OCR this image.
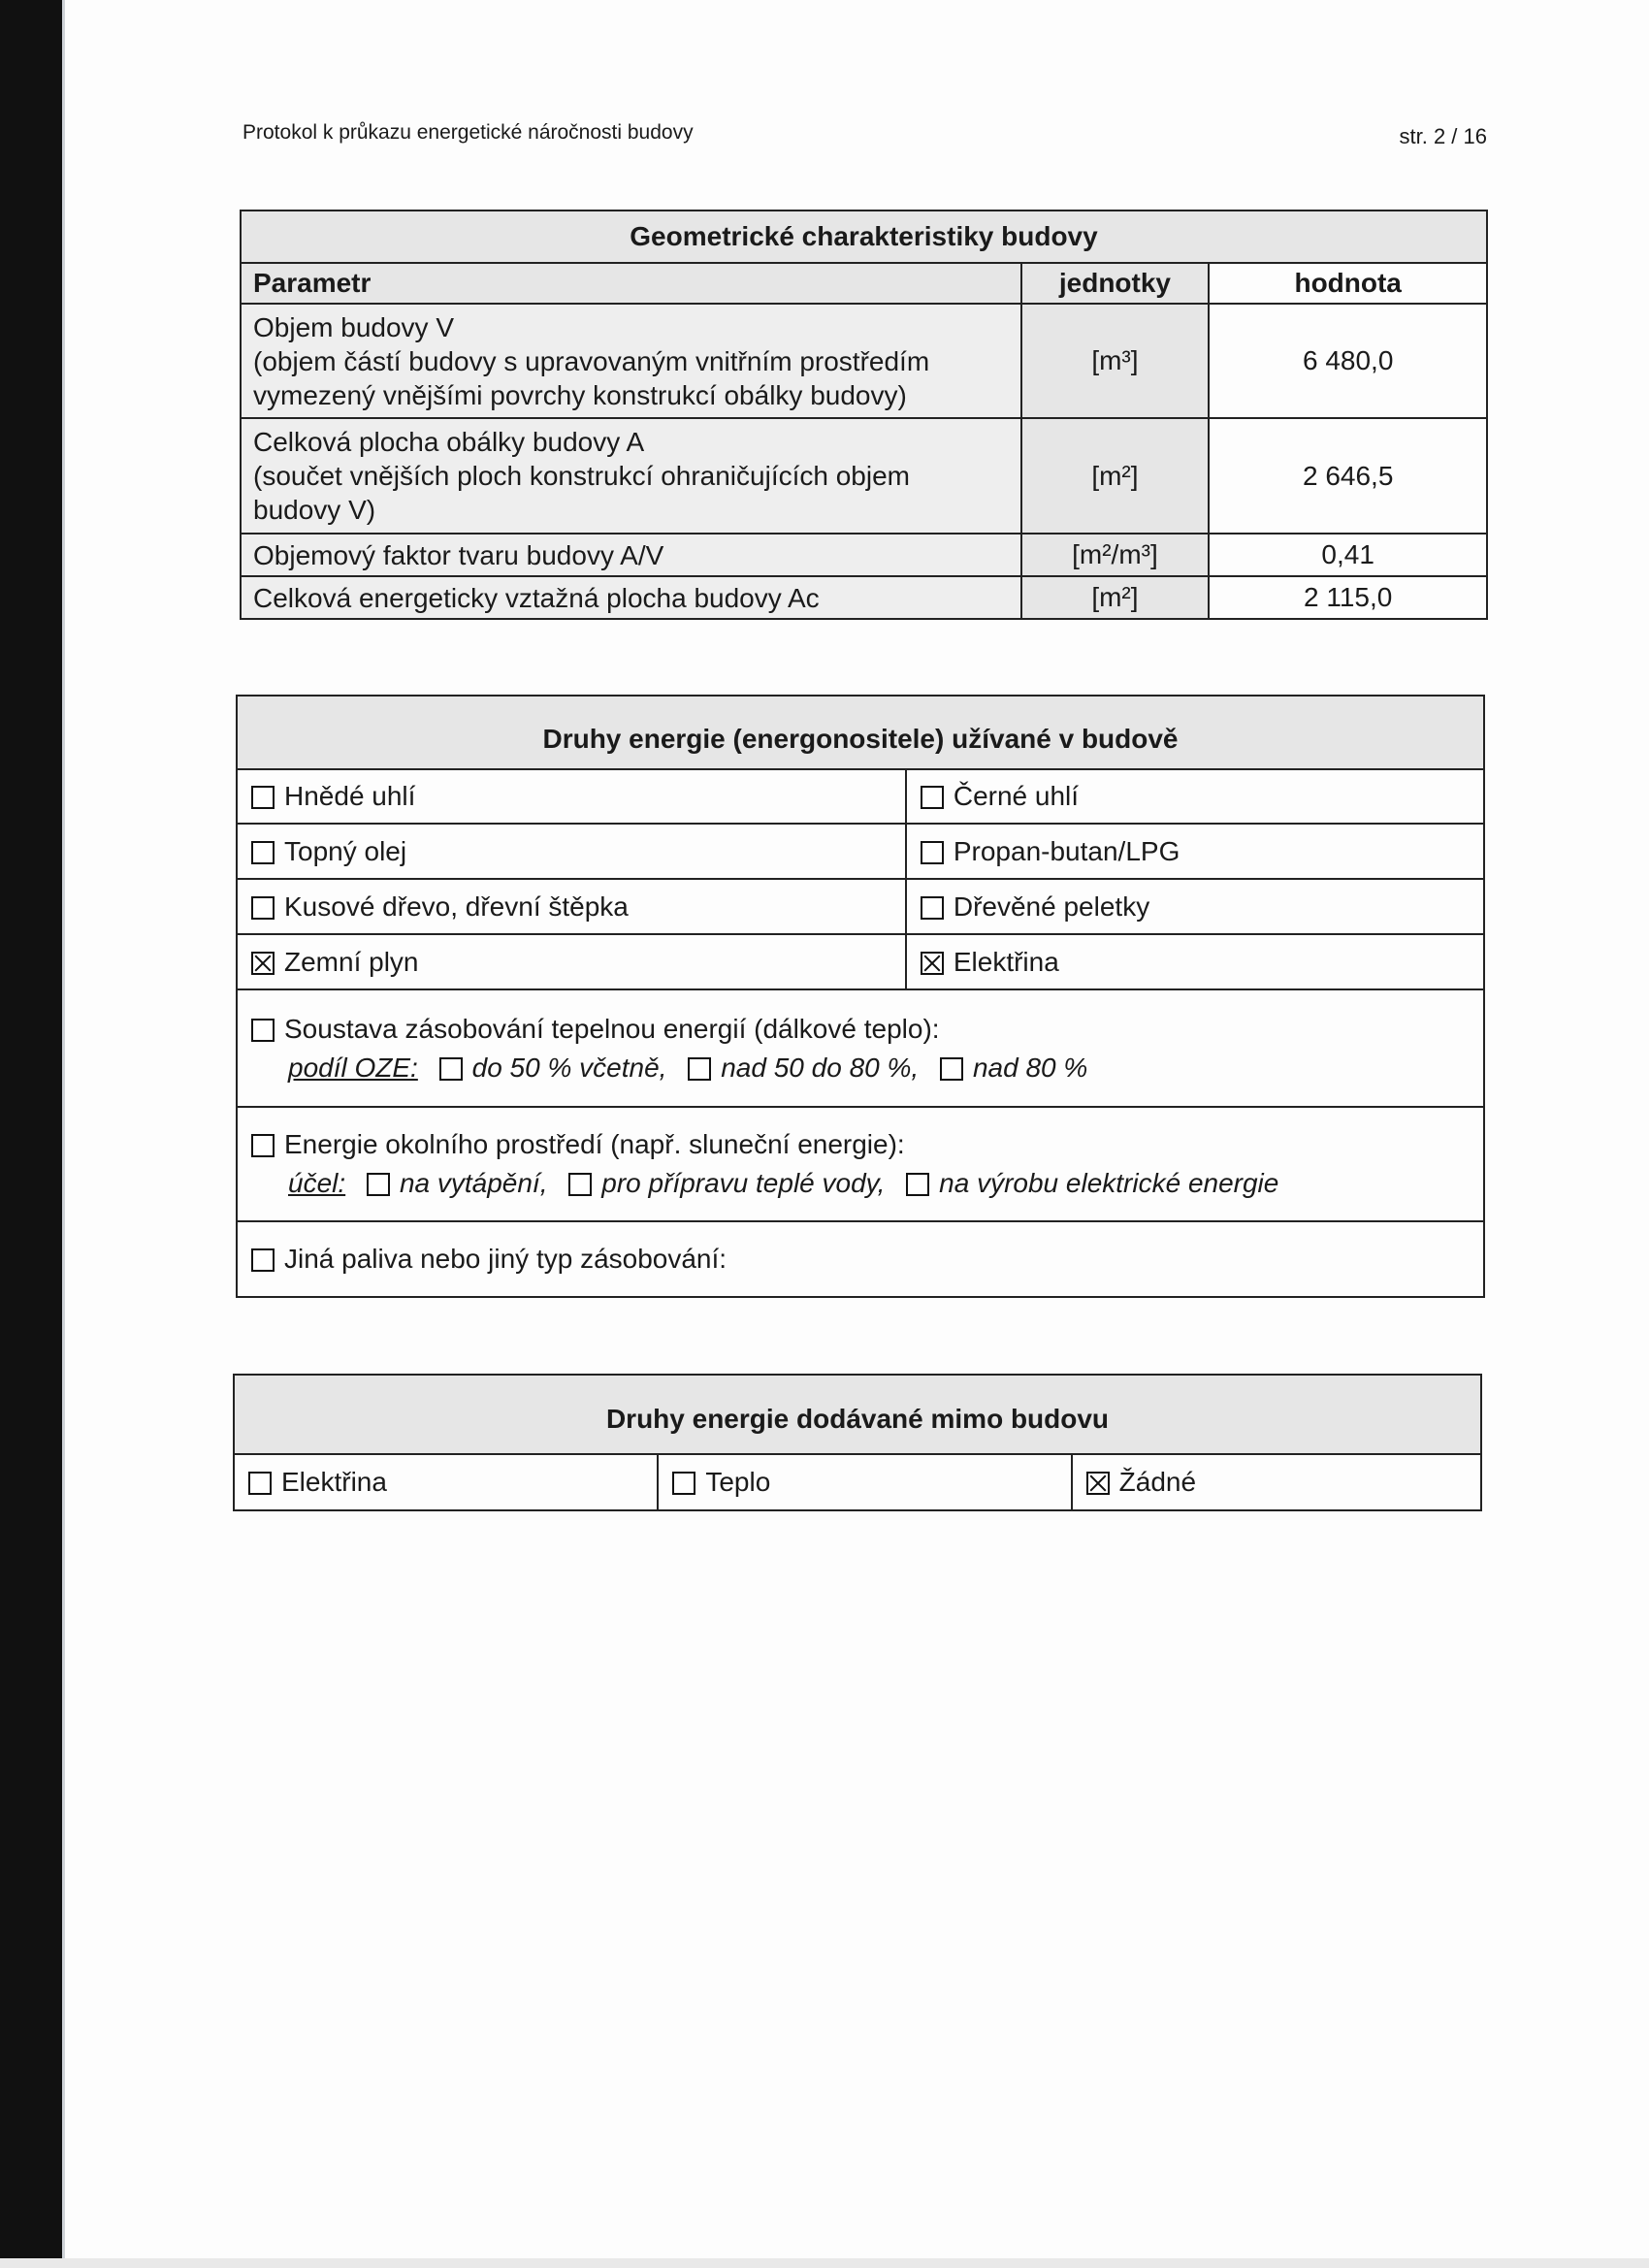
Protokol k průkazu energetické náročnosti budovy	str. 2 / 16
Geometrické charakteristiky budovy		
Parametr	jednotky	hodnota

Objem budovy V
(objem částí budovy s upravovaným vnitřním prostředím
vymezený vnějšími povrchy konstrukcí obálky budovy)	[m³]	6 480,0

Celková plocha obálky budovy A
(součet vnějších ploch konstrukcí ohraničujících objem
budovy V)	[m²]	2 646,5

Objemový faktor tvaru budovy A/V	[m²/m³]	0,41

Celková energeticky vztažná plocha budovy Ac	[m²]	2 115,0
Druhy energie (energonositele) užívané v budově	
Hnědé uhlí	Černé uhlí
Topný olej	Propan-butan/LPG
Kusové dřevo, dřevní štěpka	Dřevěné peletky
Zemní plyn	Elektřina

Soustava zásobování tepelnou energií (dálkové teplo):
podíl OZE: do 50 % včetně, nad 50 do 80 %, nad 80 %	

Energie okolního prostředí (např. sluneční energie):
účel: na vytápění, pro přípravu teplé vody, na výrobu elektrické energie	

Jiná paliva nebo jiný typ zásobování:	
Druhy energie dodávané mimo budovu
Elektřina	Teplo	Žádné
